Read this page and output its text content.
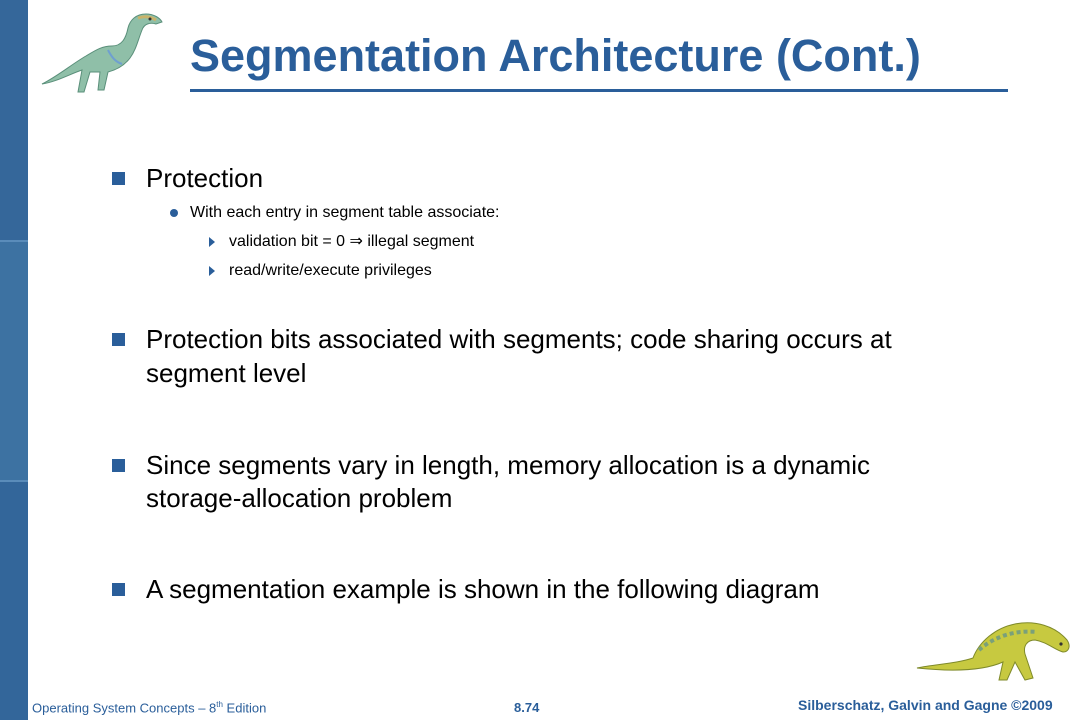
Segmentation Architecture (Cont.)
Protection
With each entry in segment table associate:
validation bit = 0 ⇒ illegal segment
read/write/execute privileges
Protection bits associated with segments; code sharing occurs at
segment level
Since segments vary in length, memory allocation is a dynamic
storage-allocation problem
A segmentation example is shown in the following diagram
Operating System Concepts – 8th Edition	8.74	Silberschatz, Galvin and Gagne ©2009
